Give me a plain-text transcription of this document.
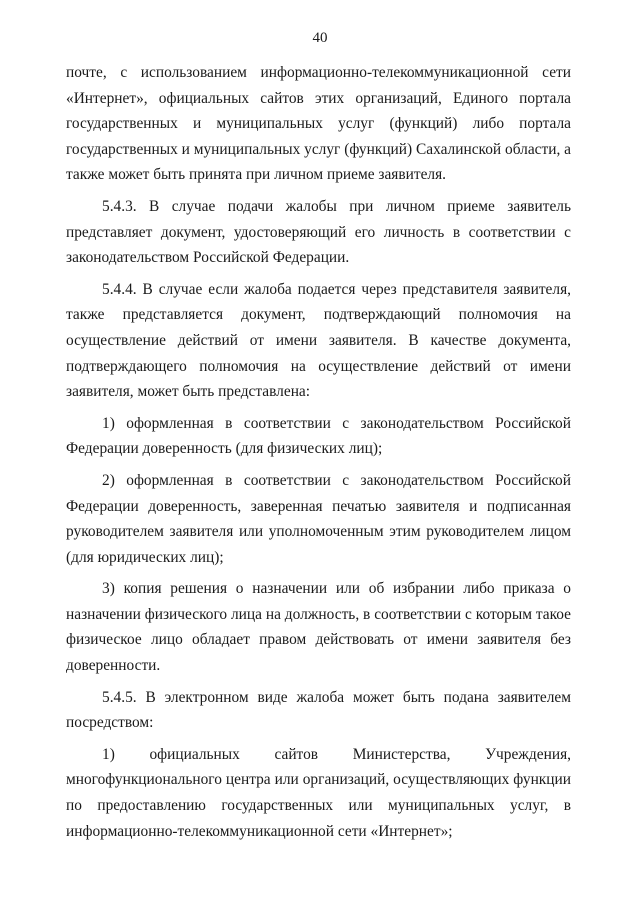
40

почте, с использованием информационно-телекоммуникационной сети «Интернет», официальных сайтов этих организаций, Единого портала государственных и муниципальных услуг (функций) либо портала государственных и муниципальных услуг (функций) Сахалинской области, а также может быть принята при личном приеме заявителя.

5.4.3. В случае подачи жалобы при личном приеме заявитель представляет документ, удостоверяющий его личность в соответствии с законодательством Российской Федерации.

5.4.4. В случае если жалоба подается через представителя заявителя, также представляется документ, подтверждающий полномочия на осуществление действий от имени заявителя. В качестве документа, подтверждающего полномочия на осуществление действий от имени заявителя, может быть представлена:

1) оформленная в соответствии с законодательством Российской Федерации доверенность (для физических лиц);

2) оформленная в соответствии с законодательством Российской Федерации доверенность, заверенная печатью заявителя и подписанная руководителем заявителя или уполномоченным этим руководителем лицом (для юридических лиц);

3) копия решения о назначении или об избрании либо приказа о назначении физического лица на должность, в соответствии с которым такое физическое лицо обладает правом действовать от имени заявителя без доверенности.

5.4.5. В электронном виде жалоба может быть подана заявителем посредством:

1) официальных сайтов Министерства, Учреждения, многофункционального центра или организаций, осуществляющих функции по предоставлению государственных или муниципальных услуг, в информационно-телекоммуникационной сети «Интернет»;
